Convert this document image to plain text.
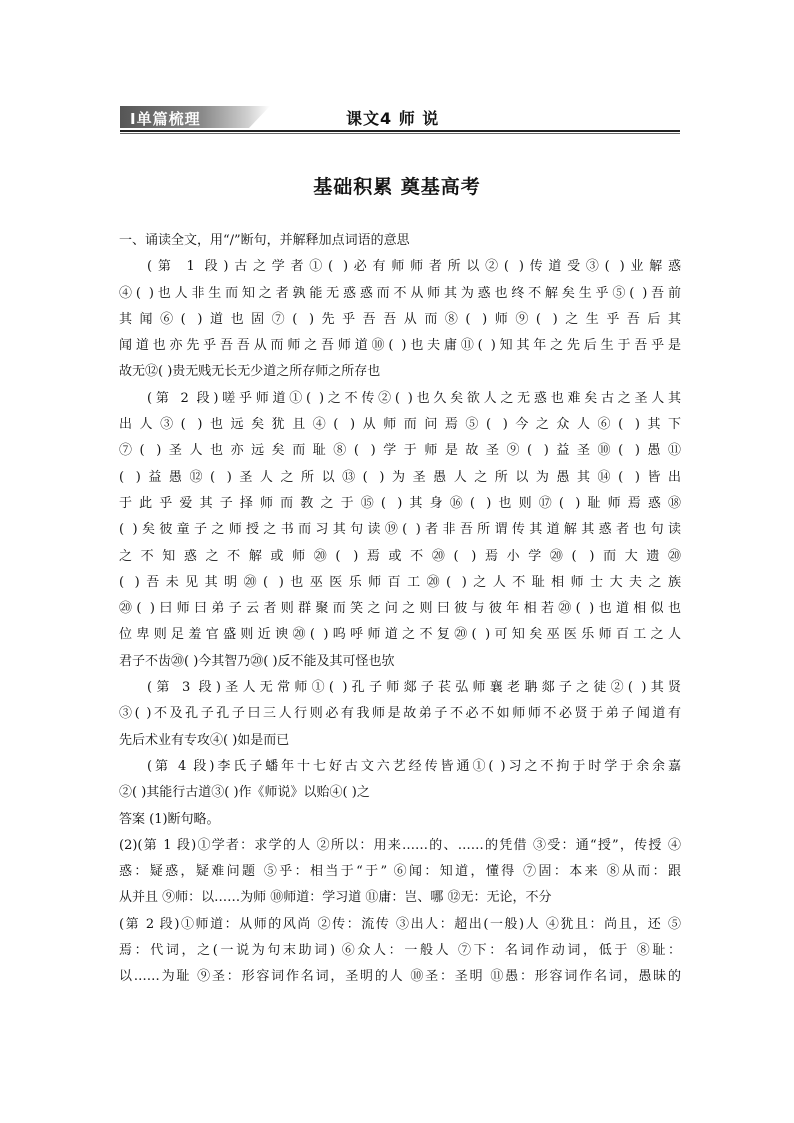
Ⅰ单篇梳理	课文4 师 说
基础积累 奠基高考
一、诵读全文，用“/”断句，并解释加点词语的意思
(第 1 段)古之学者①( )必有师师者所以②( )传道受③( )业解惑
④( )也人非生而知之者孰能无惑惑而不从师其为惑也终不解矣生乎⑤( )吾前
其闻⑥( )道也固⑦( )先乎吾吾从而⑧( )师⑨( )之生乎吾后其
闻道也亦先乎吾吾从而师之吾师道⑩( )也夫庸⑪( )知其年之先后生于吾乎是
故无⑫( )贵无贱无长无少道之所存师之所存也
(第 2 段)嗟乎师道①( )之不传②( )也久矣欲人之无惑也难矣古之圣人其
出人③( )也远矣犹且④( )从师而问焉⑤( )今之众人⑥( )其下
⑦( )圣人也亦远矣而耻⑧( )学于师是故圣⑨( )益圣⑩( )愚⑪
( )益愚⑫( )圣人之所以⑬( )为圣愚人之所以为愚其⑭( )皆出
于此乎爱其子择师而教之于⑮( )其身⑯( )也则⑰( )耻师焉惑⑱
( )矣彼童子之师授之书而习其句读⑲( )者非吾所谓传其道解其惑者也句读
之不知惑之不解或师⑳( )焉或不⑳( )焉小学⑳( )而大遗⑳
( )吾未见其明⑳( )也巫医乐师百工⑳( )之人不耻相师士大夫之族
⑳( )曰师曰弟子云者则群聚而笑之问之则曰彼与彼年相若⑳( )也道相似也
位卑则足羞官盛则近谀⑳( )呜呼师道之不复⑳( )可知矣巫医乐师百工之人
君子不齿⑳( )今其智乃⑳( )反不能及其可怪也欤
(第 3 段)圣人无常师①( )孔子师郯子苌弘师襄老聃郯子之徒②( )其贤
③( )不及孔子孔子曰三人行则必有我师是故弟子不必不如师师不必贤于弟子闻道有
先后术业有专攻④( )如是而已
(第 4 段)李氏子蟠年十七好古文六艺经传皆通①( )习之不拘于时学于余余嘉
②( )其能行古道③( )作《师说》以贻④( )之
答案 (1)断句略。
(2)(第 1 段)①学者：求学的人 ②所以：用来……的、……的凭借 ③受：通“授”，传授 ④
惑：疑惑，疑难问题 ⑤乎：相当于“于” ⑥闻：知道，懂得 ⑦固：本来 ⑧从而：跟
从并且 ⑨师：以……为师 ⑩师道：学习道 ⑪庸：岂、哪 ⑫无：无论，不分
(第 2 段)①师道：从师的风尚 ②传：流传 ③出人：超出(一般)人 ④犹且：尚且，还 ⑤
焉：代词，之(一说为句末助词) ⑥众人：一般人 ⑦下：名词作动词，低于 ⑧耻：
以……为耻 ⑨圣：形容词作名词，圣明的人 ⑩圣：圣明 ⑪愚：形容词作名词，愚昧的
